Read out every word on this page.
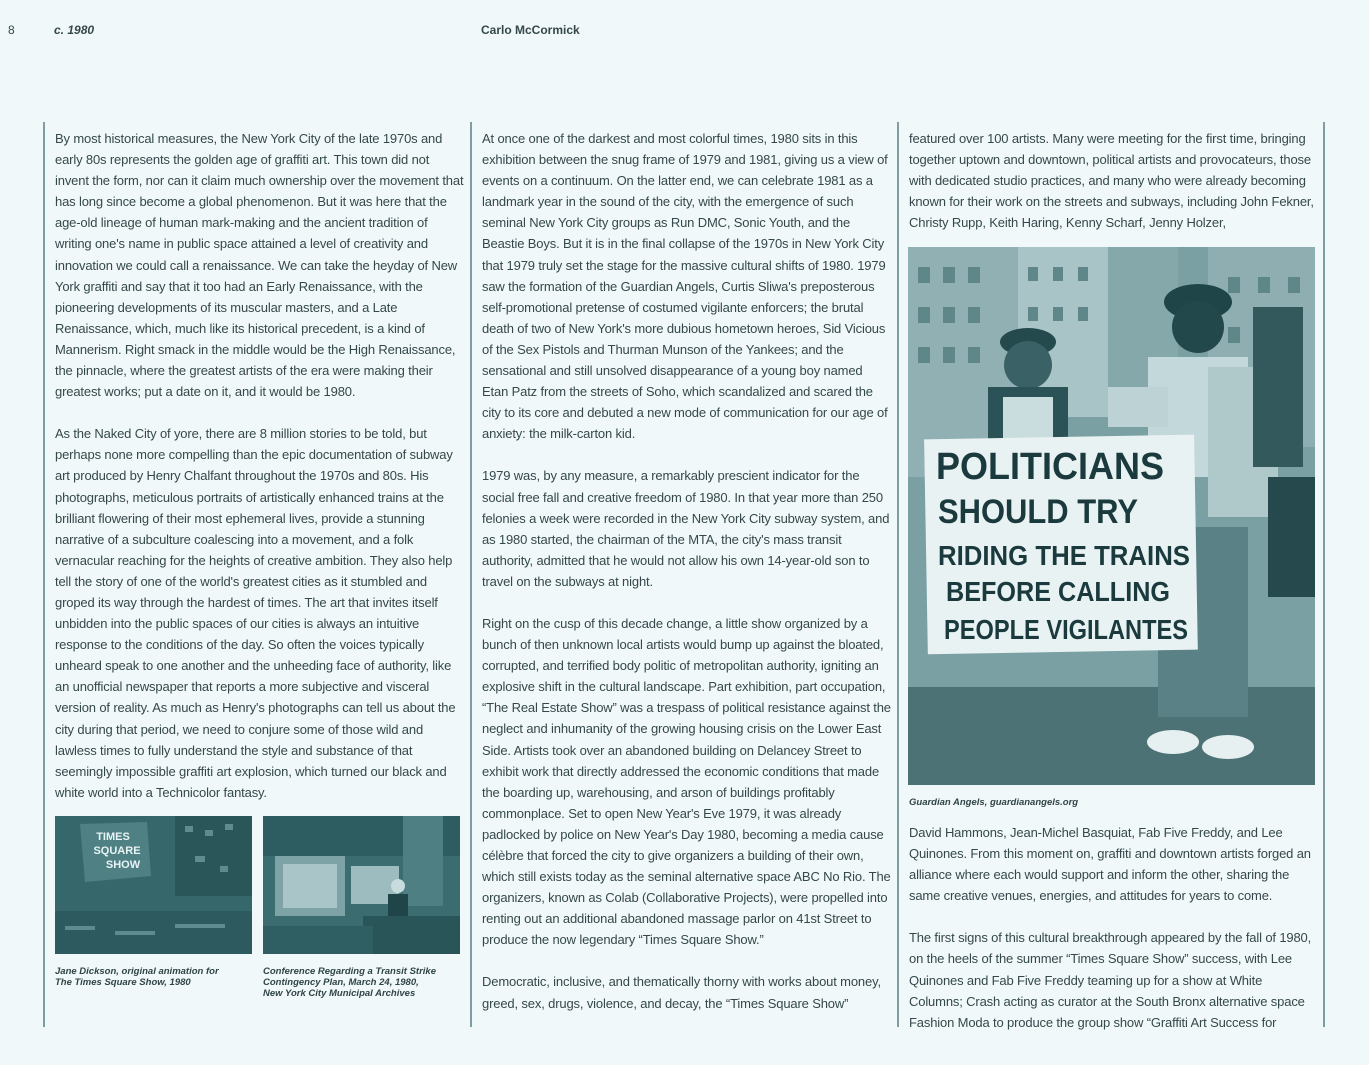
8	c. 1980	Carlo McCormick

By most historical measures, the New York City of the late 1970s and early 80s represents the golden age of graffiti art. This town did not invent the form, nor can it claim much ownership over the movement that has long since become a global phenomenon. But it was here that the age-old lineage of human mark-making and the ancient tradition of writing one's name in public space attained a level of creativity and innovation we could call a renaissance. We can take the heyday of New York graffiti and say that it too had an Early Renaissance, with the pioneering developments of its muscular masters, and a Late Renaissance, which, much like its historical precedent, is a kind of Mannerism. Right smack in the middle would be the High Renaissance, the pinnacle, where the greatest artists of the era were making their greatest works; put a date on it, and it would be 1980.

As the Naked City of yore, there are 8 million stories to be told, but perhaps none more compelling than the epic documentation of subway art produced by Henry Chalfant throughout the 1970s and 80s. His photographs, meticulous portraits of artistically enhanced trains at the brilliant flowering of their most ephemeral lives, provide a stunning narrative of a subculture coalescing into a movement, and a folk vernacular reaching for the heights of creative ambition. They also help tell the story of one of the world's greatest cities as it stumbled and groped its way through the hardest of times. The art that invites itself unbidden into the public spaces of our cities is always an intuitive response to the conditions of the day. So often the voices typically unheard speak to one another and the unheeding face of authority, like an unofficial newspaper that reports a more subjective and visceral version of reality. As much as Henry's photographs can tell us about the city during that period, we need to conjure some of those wild and lawless times to fully understand the style and substance of that seemingly impossible graffiti art explosion, which turned our black and white world into a Technicolor fantasy.

TIMES
SQUARE
SHOW
Jane Dickson, original animation for
The Times Square Show, 1980
Conference Regarding a Transit Strike
Contingency Plan, March 24, 1980,
New York City Municipal Archives

At once one of the darkest and most colorful times, 1980 sits in this exhibition between the snug frame of 1979 and 1981, giving us a view of events on a continuum. On the latter end, we can celebrate 1981 as a landmark year in the sound of the city, with the emergence of such seminal New York City groups as Run DMC, Sonic Youth, and the Beastie Boys. But it is in the final collapse of the 1970s in New York City that 1979 truly set the stage for the massive cultural shifts of 1980. 1979 saw the formation of the Guardian Angels, Curtis Sliwa's preposterous self-promotional pretense of costumed vigilante enforcers; the brutal death of two of New York's more dubious hometown heroes, Sid Vicious of the Sex Pistols and Thurman Munson of the Yankees; and the sensational and still unsolved disappearance of a young boy named Etan Patz from the streets of Soho, which scandalized and scared the city to its core and debuted a new mode of communication for our age of anxiety: the milk-carton kid.

1979 was, by any measure, a remarkably prescient indicator for the social free fall and creative freedom of 1980. In that year more than 250 felonies a week were recorded in the New York City subway system, and as 1980 started, the chairman of the MTA, the city's mass transit authority, admitted that he would not allow his own 14-year-old son to travel on the subways at night.

Right on the cusp of this decade change, a little show organized by a bunch of then unknown local artists would bump up against the bloated, corrupted, and terrified body politic of metropolitan authority, igniting an explosive shift in the cultural landscape. Part exhibition, part occupation, “The Real Estate Show” was a trespass of political resistance against the neglect and inhumanity of the growing housing crisis on the Lower East Side. Artists took over an abandoned building on Delancey Street to exhibit work that directly addressed the economic conditions that made the boarding up, warehousing, and arson of buildings profitably commonplace. Set to open New Year's Eve 1979, it was already padlocked by police on New Year's Day 1980, becoming a media cause célèbre that forced the city to give organizers a building of their own, which still exists today as the seminal alternative space ABC No Rio. The organizers, known as Colab (Collaborative Projects), were propelled into renting out an additional abandoned massage parlor on 41st Street to produce the now legendary “Times Square Show.”

Democratic, inclusive, and thematically thorny with works about money, greed, sex, drugs, violence, and decay, the “Times Square Show”

featured over 100 artists. Many were meeting for the first time, bringing together uptown and downtown, political artists and provocateurs, those with dedicated studio practices, and many who were already becoming known for their work on the streets and subways, including John Fekner, Christy Rupp, Keith Haring, Kenny Scharf, Jenny Holzer,

POLITICIANS
SHOULD TRY
RIDING THE TRAINS
BEFORE CALLING
PEOPLE VIGILANTES
Guardian Angels, guardianangels.org

David Hammons, Jean-Michel Basquiat, Fab Five Freddy, and Lee Quinones. From this moment on, graffiti and downtown artists forged an alliance where each would support and inform the other, sharing the same creative venues, energies, and attitudes for years to come.

The first signs of this cultural breakthrough appeared by the fall of 1980, on the heels of the summer “Times Square Show” success, with Lee Quinones and Fab Five Freddy teaming up for a show at White Columns; Crash acting as curator at the South Bronx alternative space Fashion Moda to produce the group show “Graffiti Art Success for
